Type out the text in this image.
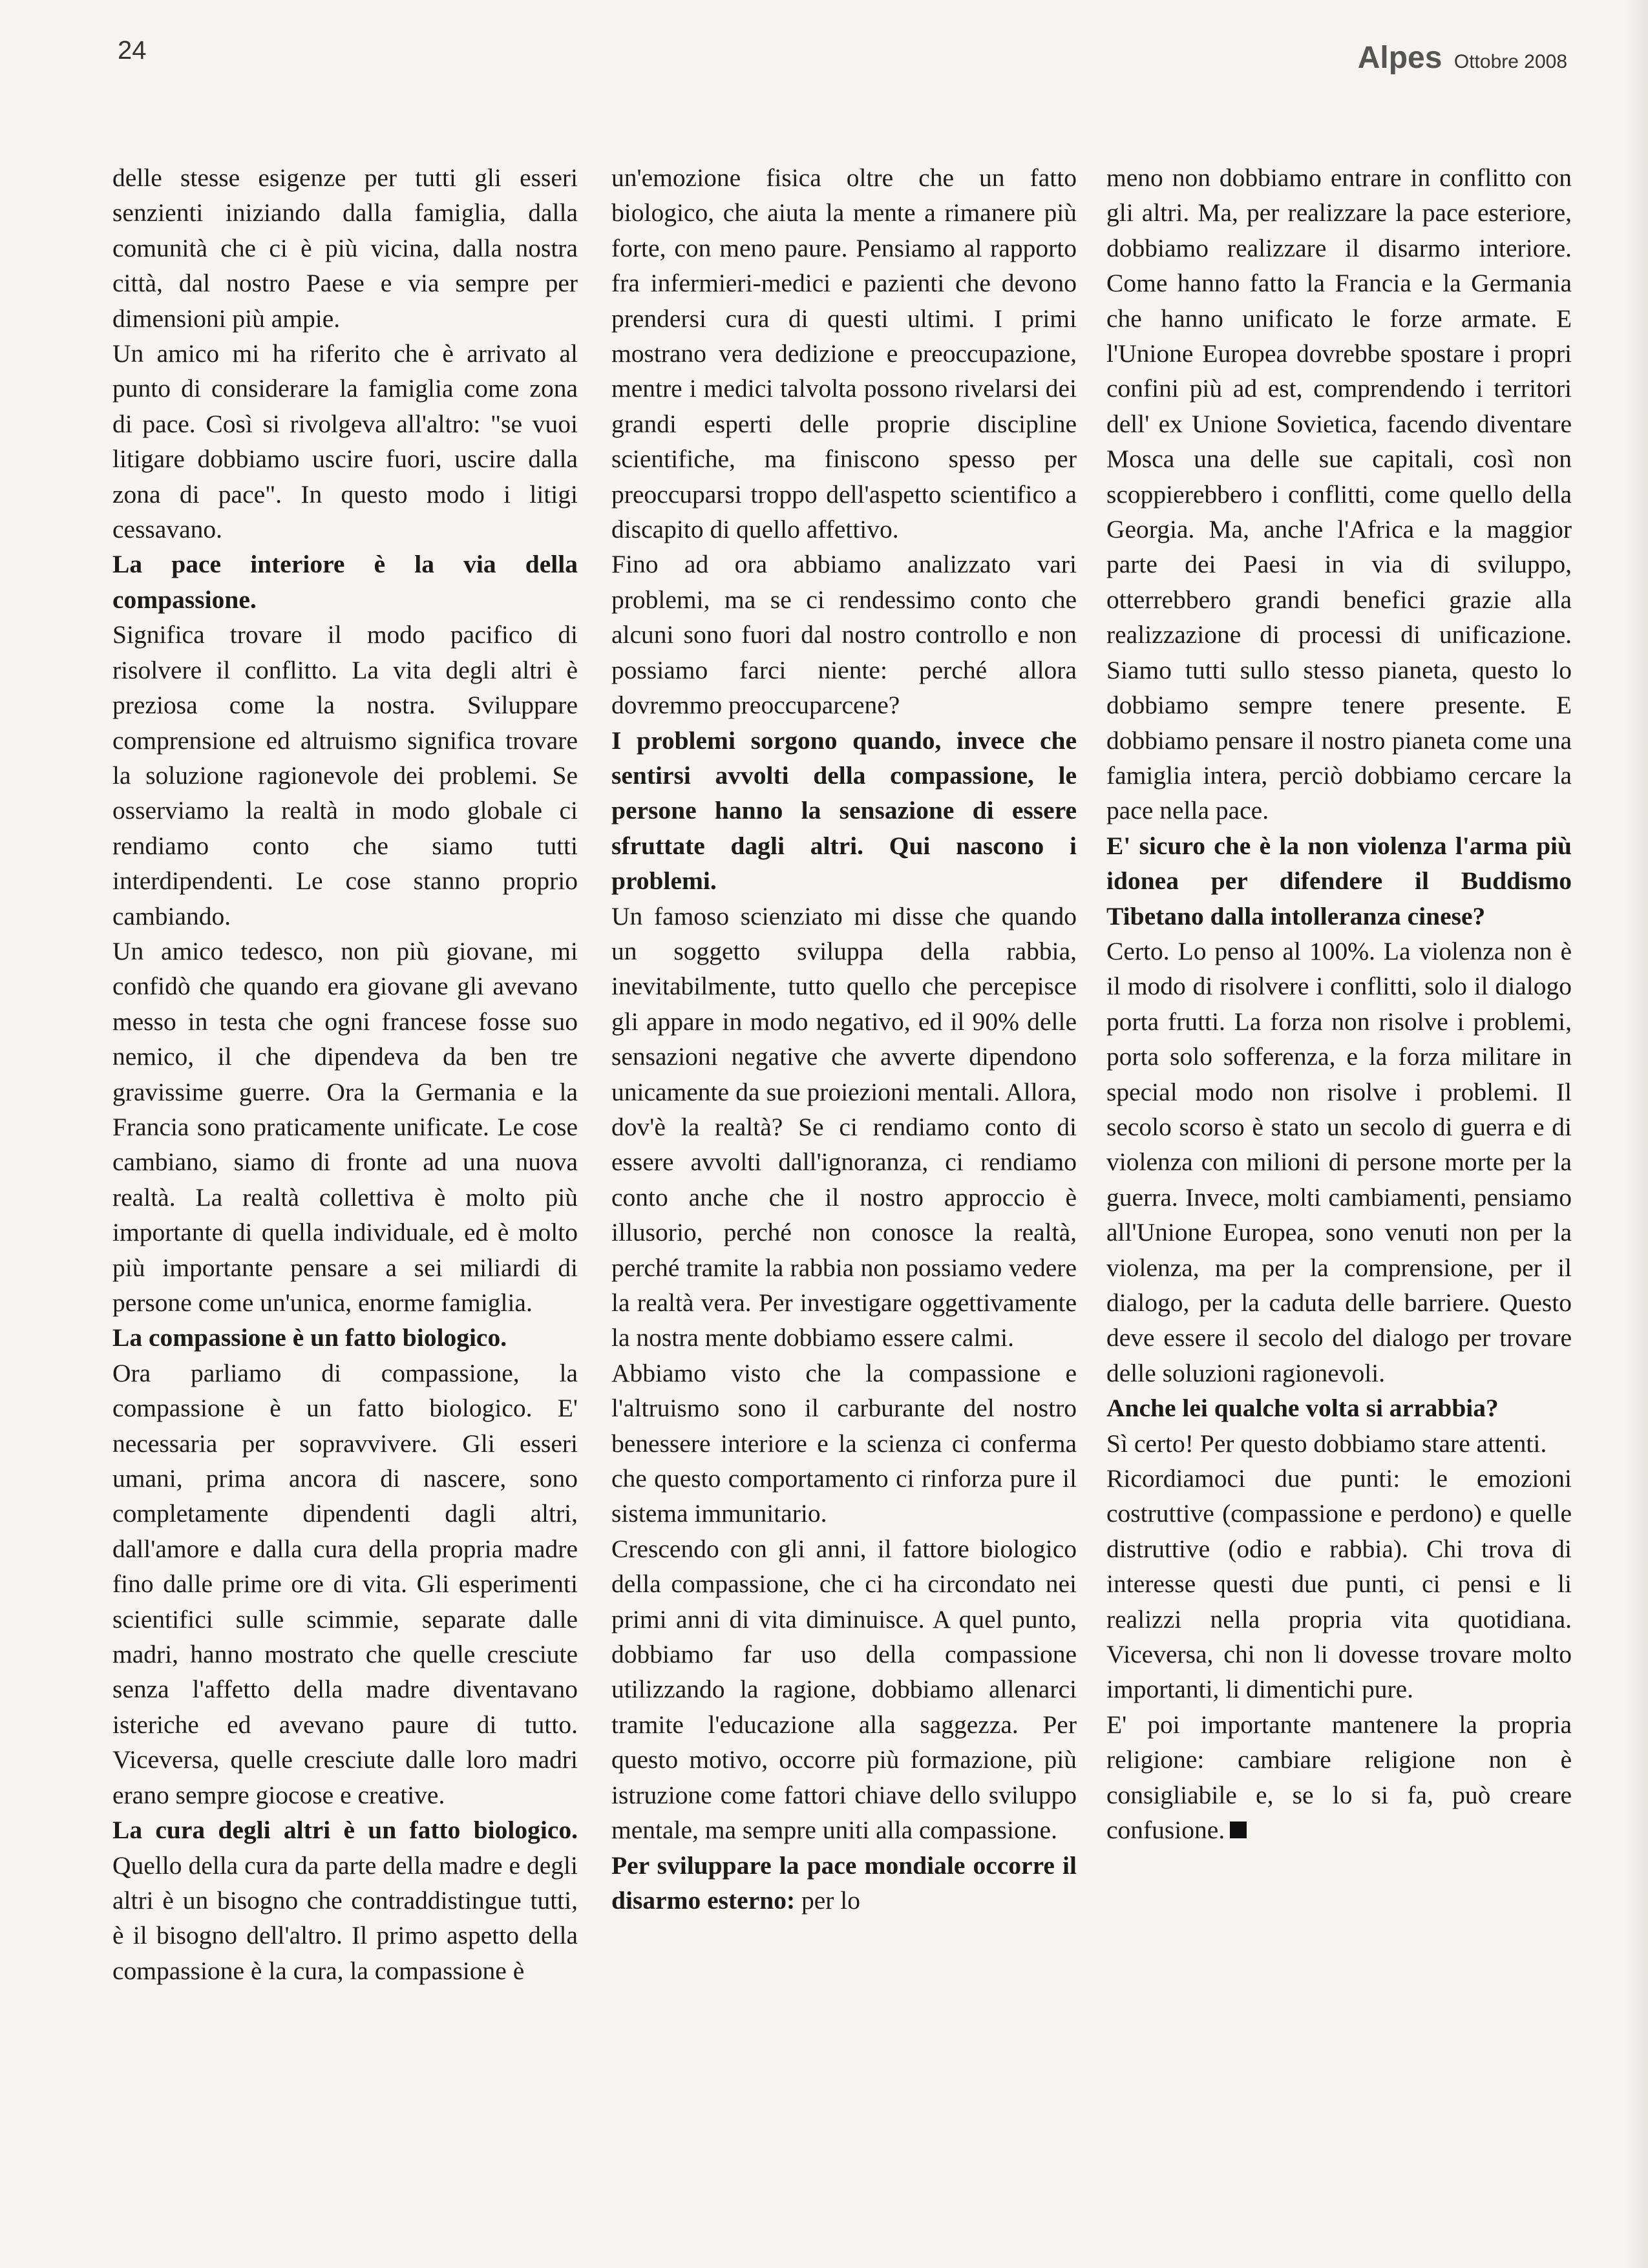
24	Alpes Ottobre 2008

delle stesse esigenze per tutti gli esseri senzienti iniziando dalla famiglia, dalla comunità che ci è più vicina, dalla nostra città, dal nostro Paese e via sempre per dimensioni più ampie.

Un amico mi ha riferito che è arrivato al punto di considerare la famiglia come zona di pace. Così si rivolgeva all'altro: "se vuoi litigare dobbiamo uscire fuori, uscire dalla zona di pace". In questo modo i litigi cessavano.

La pace interiore è la via della compassione.

Significa trovare il modo pacifico di risolvere il conflitto. La vita degli altri è preziosa come la nostra. Sviluppare comprensione ed altruismo significa trovare la soluzione ragionevole dei problemi. Se osserviamo la realtà in modo globale ci rendiamo conto che siamo tutti interdipendenti. Le cose stanno proprio cambiando.

Un amico tedesco, non più giovane, mi confidò che quando era giovane gli avevano messo in testa che ogni francese fosse suo nemico, il che dipendeva da ben tre gravissime guerre. Ora la Germania e la Francia sono praticamente unificate. Le cose cambiano, siamo di fronte ad una nuova realtà. La realtà collettiva è molto più importante di quella individuale, ed è molto più importante pensare a sei miliardi di persone come un'unica, enorme famiglia.

La compassione è un fatto biologico.

Ora parliamo di compassione, la compassione è un fatto biologico. E' necessaria per sopravvivere. Gli esseri umani, prima ancora di nascere, sono completamente dipendenti dagli altri, dall'amore e dalla cura della propria madre fino dalle prime ore di vita. Gli esperimenti scientifici sulle scimmie, separate dalle madri, hanno mostrato che quelle cresciute senza l'affetto della madre diventavano isteriche ed avevano paure di tutto. Viceversa, quelle cresciute dalle loro madri erano sempre giocose e creative.

La cura degli altri è un fatto biologico. Quello della cura da parte della madre e degli altri è un bisogno che contraddistingue tutti, è il bisogno dell'altro. Il primo aspetto della compassione è la cura, la compassione è

un'emozione fisica oltre che un fatto biologico, che aiuta la mente a rimanere più forte, con meno paure. Pensiamo al rapporto fra infermieri-medici e pazienti che devono prendersi cura di questi ultimi. I primi mostrano vera dedizione e preoccupazione, mentre i medici talvolta possono rivelarsi dei grandi esperti delle proprie discipline scientifiche, ma finiscono spesso per preoccuparsi troppo dell'aspetto scientifico a discapito di quello affettivo.

Fino ad ora abbiamo analizzato vari problemi, ma se ci rendessimo conto che alcuni sono fuori dal nostro controllo e non possiamo farci niente: perché allora dovremmo preoccuparcene?

I problemi sorgono quando, invece che sentirsi avvolti della compassione, le persone hanno la sensazione di essere sfruttate dagli altri. Qui nascono i problemi.

Un famoso scienziato mi disse che quando un soggetto sviluppa della rabbia, inevitabilmente, tutto quello che percepisce gli appare in modo negativo, ed il 90% delle sensazioni negative che avverte dipendono unicamente da sue proiezioni mentali. Allora, dov'è la realtà? Se ci rendiamo conto di essere avvolti dall'ignoranza, ci rendiamo conto anche che il nostro approccio è illusorio, perché non conosce la realtà, perché tramite la rabbia non possiamo vedere la realtà vera. Per investigare oggettivamente la nostra mente dobbiamo essere calmi.

Abbiamo visto che la compassione e l'altruismo sono il carburante del nostro benessere interiore e la scienza ci conferma che questo comportamento ci rinforza pure il sistema immunitario.

Crescendo con gli anni, il fattore biologico della compassione, che ci ha circondato nei primi anni di vita diminuisce. A quel punto, dobbiamo far uso della compassione utilizzando la ragione, dobbiamo allenarci tramite l'educazione alla saggezza. Per questo motivo, occorre più formazione, più istruzione come fattori chiave dello sviluppo mentale, ma sempre uniti alla compassione.

Per sviluppare la pace mondiale occorre il disarmo esterno: per lo

meno non dobbiamo entrare in conflitto con gli altri. Ma, per realizzare la pace esteriore, dobbiamo realizzare il disarmo interiore. Come hanno fatto la Francia e la Germania che hanno unificato le forze armate. E l'Unione Europea dovrebbe spostare i propri confini più ad est, comprendendo i territori dell' ex Unione Sovietica, facendo diventare Mosca una delle sue capitali, così non scoppierebbero i conflitti, come quello della Georgia. Ma, anche l'Africa e la maggior parte dei Paesi in via di sviluppo, otterrebbero grandi benefici grazie alla realizzazione di processi di unificazione. Siamo tutti sullo stesso pianeta, questo lo dobbiamo sempre tenere presente. E dobbiamo pensare il nostro pianeta come una famiglia intera, perciò dobbiamo cercare la pace nella pace.

E' sicuro che è la non violenza l'arma più idonea per difendere il Buddismo Tibetano dalla intolleranza cinese?

Certo. Lo penso al 100%. La violenza non è il modo di risolvere i conflitti, solo il dialogo porta frutti. La forza non risolve i problemi, porta solo sofferenza, e la forza militare in special modo non risolve i problemi. Il secolo scorso è stato un secolo di guerra e di violenza con milioni di persone morte per la guerra. Invece, molti cambiamenti, pensiamo all'Unione Europea, sono venuti non per la violenza, ma per la comprensione, per il dialogo, per la caduta delle barriere. Questo deve essere il secolo del dialogo per trovare delle soluzioni ragionevoli.

Anche lei qualche volta si arrabbia?

Sì certo! Per questo dobbiamo stare attenti.

Ricordiamoci due punti: le emozioni costruttive (compassione e perdono) e quelle distruttive (odio e rabbia). Chi trova di interesse questi due punti, ci pensi e li realizzi nella propria vita quotidiana. Viceversa, chi non li dovesse trovare molto importanti, li dimentichi pure.

E' poi importante mantenere la propria religione: cambiare religione non è consigliabile e, se lo si fa, può creare confusione.
